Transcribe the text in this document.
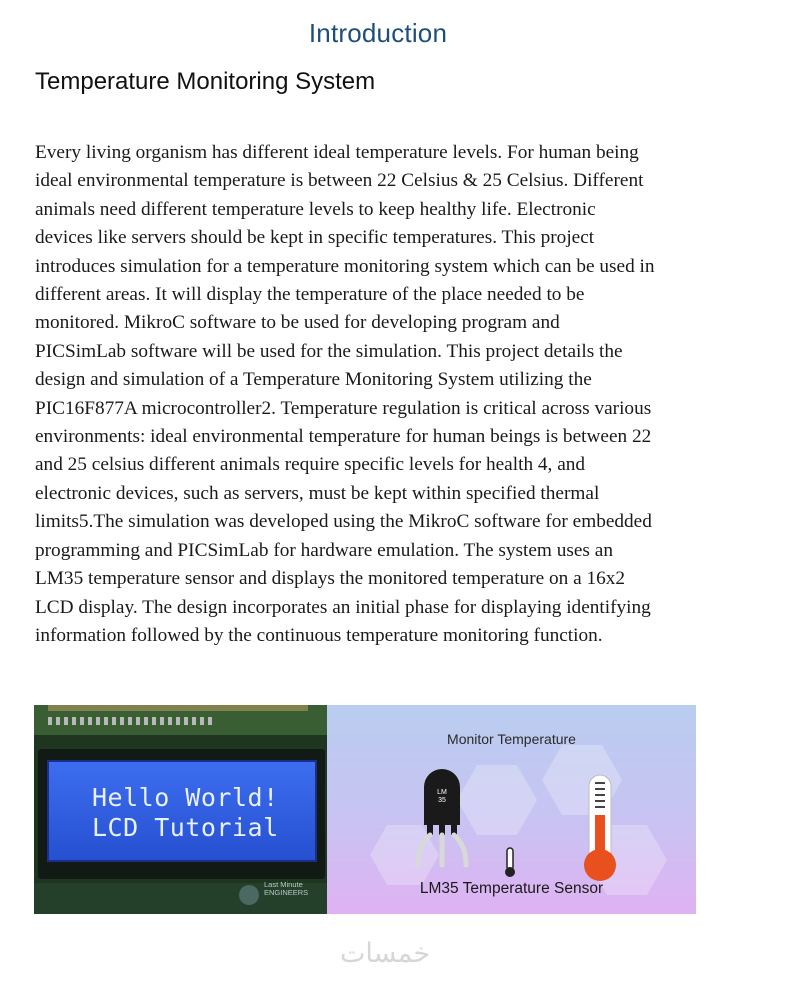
Introduction
Temperature Monitoring System

Every living organism has different ideal temperature levels. For human being
ideal environmental temperature is between 22 Celsius & 25 Celsius. Different
animals need different temperature levels to keep healthy life. Electronic
devices like servers should be kept in specific temperatures. This project
introduces simulation for a temperature monitoring system which can be used in
different areas. It will display the temperature of the place needed to be
monitored. MikroC software to be used for developing program and
PICSimLab software will be used for the simulation. This project details the
design and simulation of a Temperature Monitoring System utilizing the
PIC16F877A microcontroller2. Temperature regulation is critical across various
environments: ideal environmental temperature for human beings is between 22
and 25 celsius different animals require specific levels for health 4, and
electronic devices, such as servers, must be kept within specified thermal
limits5.The simulation was developed using the MikroC software for embedded
programming and PICSimLab for hardware emulation. The system uses an
LM35 temperature sensor and displays the monitored temperature on a 16x2
LCD display. The design incorporates an initial phase for displaying identifying
information followed by the continuous temperature monitoring function.

Hello World!
LCD Tutorial
Last Minute
ENGINEERS
LM
35
Monitor Temperature
LM35 Temperature Sensor
خمسات
